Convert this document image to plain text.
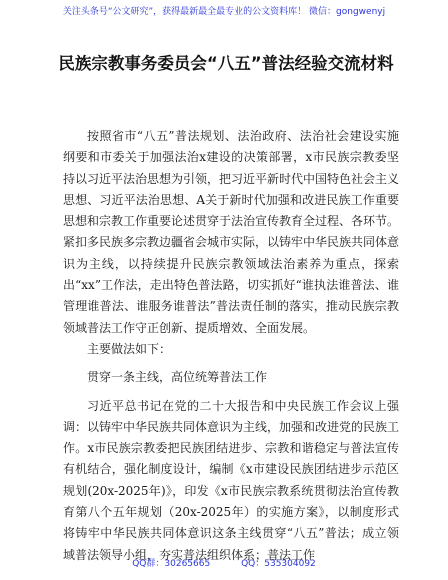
关注头条号“公文研究”，获得最新最全最专业的公文资料库！ 微信：gongwenyj
民族宗教事务委员会“八五”普法经验交流材料

按照省市“八五”普法规划、法治政府、法治社会建设实施纲要和市委关于加强法治x建设的决策部署，x市民族宗教委坚持以习近平法治思想为引领，把习近平新时代中国特色社会主义思想、习近平法治思想、A关于新时代加强和改进民族工作重要思想和宗教工作重要论述贯穿于法治宣传教育全过程、各环节。紧扣多民族多宗教边疆省会城市实际，以铸牢中华民族共同体意识为主线，以持续提升民族宗教领域法治素养为重点，探索出“xx”工作法，走出特色普法路，切实抓好“谁执法谁普法、谁管理谁普法、谁服务谁普法”普法责任制的落实，推动民族宗教领域普法工作守正创新、提质增效、全面发展。

主要做法如下：

贯穿一条主线，高位统筹普法工作

习近平总书记在党的二十大报告和中央民族工作会议上强调：以铸牢中华民族共同体意识为主线，加强和改进党的民族工作。x市民族宗教委把民族团结进步、宗教和谐稳定与普法宣传有机结合，强化制度设计，编制《x市建设民族团结进步示范区规划(20x-2025年)》，印发《x市民族宗教系统贯彻法治宣传教育第八个五年规划（20x-2025年）的实施方案》，以制度形式将铸牢中华民族共同体意识这条主线贯穿“八五”普法；成立领域普法领导小组，夯实普法组织体系；普法工作

QQ群：30265665	QQ：535304092
